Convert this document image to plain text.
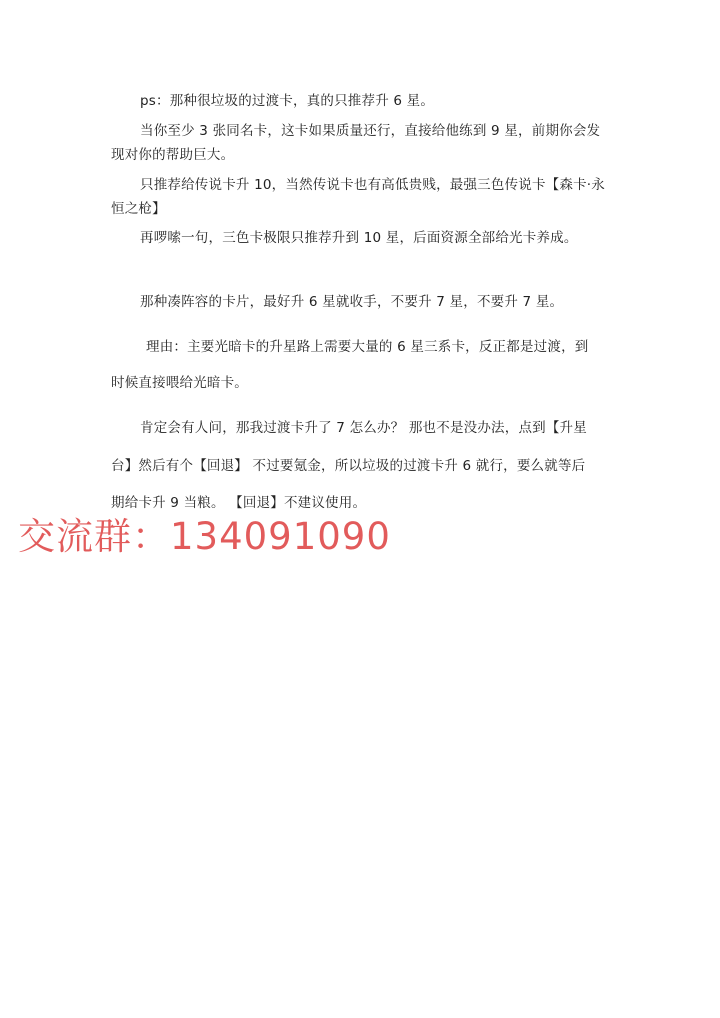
ps：那种很垃圾的过渡卡，真的只推荐升 6 星。
当你至少 3 张同名卡，这卡如果质量还行，直接给他练到 9 星，前期你会发
现对你的帮助巨大。
只推荐给传说卡升 10，当然传说卡也有高低贵贱，最强三色传说卡【森卡·永
恒之枪】
再啰嗦一句，三色卡极限只推荐升到 10 星，后面资源全部给光卡养成。
那种凑阵容的卡片，最好升 6 星就收手，不要升 7 星，不要升 7 星。
理由：主要光暗卡的升星路上需要大量的 6 星三系卡，反正都是过渡，到
时候直接喂给光暗卡。
肯定会有人问，那我过渡卡升了 7 怎么办？ 那也不是没办法，点到【升星
台】然后有个【回退】 不过要氪金，所以垃圾的过渡卡升 6 就行，要么就等后
期给卡升 9 当粮。 【回退】不建议使用。
交流群：134091090
